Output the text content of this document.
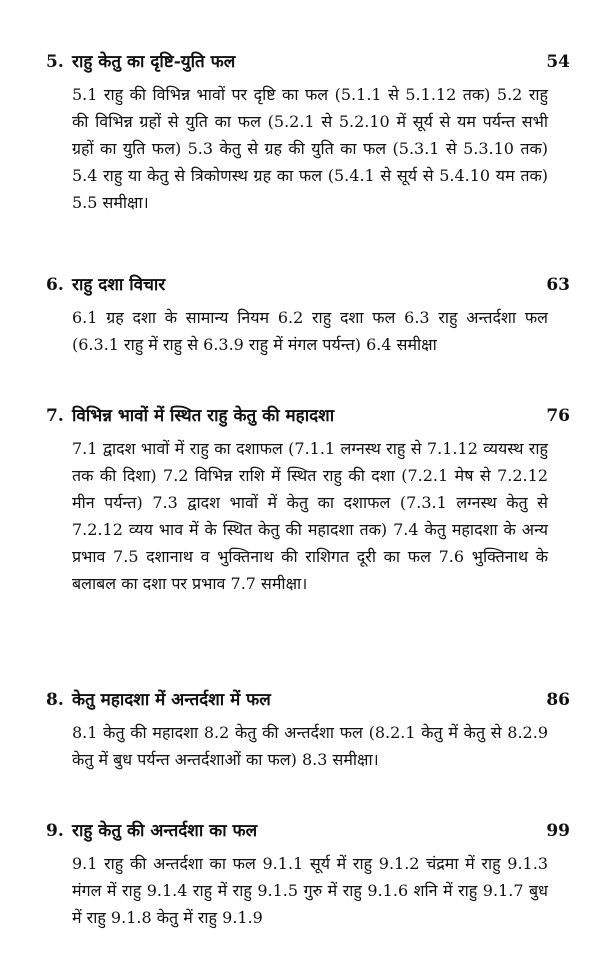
5. राहु केतु का दृष्टि-युति फल	54
5.1 राहु की विभिन्न भावों पर दृष्टि का फल (5.1.1 से 5.1.12 तक) 5.2 राहु की विभिन्न ग्रहों से युति का फल (5.2.1 से 5.2.10 में सूर्य से यम पर्यन्त सभी ग्रहों का युति फल) 5.3 केतु से ग्रह की युति का फल (5.3.1 से 5.3.10 तक) 5.4 राहु या केतु से त्रिकोणस्थ ग्रह का फल (5.4.1 से सूर्य से 5.4.10 यम तक) 5.5 समीक्षा।
6. राहु दशा विचार	63
6.1 ग्रह दशा के सामान्य नियम 6.2 राहु दशा फल 6.3 राहु अन्तर्दशा फल (6.3.1 राहु में राहु से 6.3.9 राहु में मंगल पर्यन्त) 6.4 समीक्षा
7. विभिन्न भावों में स्थित राहु केतु की महादशा	76
7.1 द्वादश भावों में राहु का दशाफल (7.1.1 लग्नस्थ राहु से 7.1.12 व्ययस्थ राहु तक की दिशा) 7.2 विभिन्न राशि में स्थित राहु की दशा (7.2.1 मेष से 7.2.12 मीन पर्यन्त) 7.3 द्वादश भावों में केतु का दशाफल (7.3.1 लग्नस्थ केतु से 7.2.12 व्यय भाव में के स्थित केतु की महादशा तक) 7.4 केतु महादशा के अन्य प्रभाव 7.5 दशानाथ व भुक्तिनाथ की राशिगत दूरी का फल 7.6 भुक्तिनाथ के बलाबल का दशा पर प्रभाव 7.7 समीक्षा।
8. केतु महादशा में अन्तर्दशा में फल	86
8.1 केतु की महादशा 8.2 केतु की अन्तर्दशा फल (8.2.1 केतु में केतु से 8.2.9 केतु में बुध पर्यन्त अन्तर्दशाओं का फल) 8.3 समीक्षा।
9. राहु केतु की अन्तर्दशा का फल	99
9.1 राहु की अन्तर्दशा का फल 9.1.1 सूर्य में राहु 9.1.2 चंद्रमा में राहु 9.1.3 मंगल में राहु 9.1.4 राहु में राहु 9.1.5 गुरु में राहु 9.1.6 शनि में राहु 9.1.7 बुध में राहु 9.1.8 केतु में राहु 9.1.9
